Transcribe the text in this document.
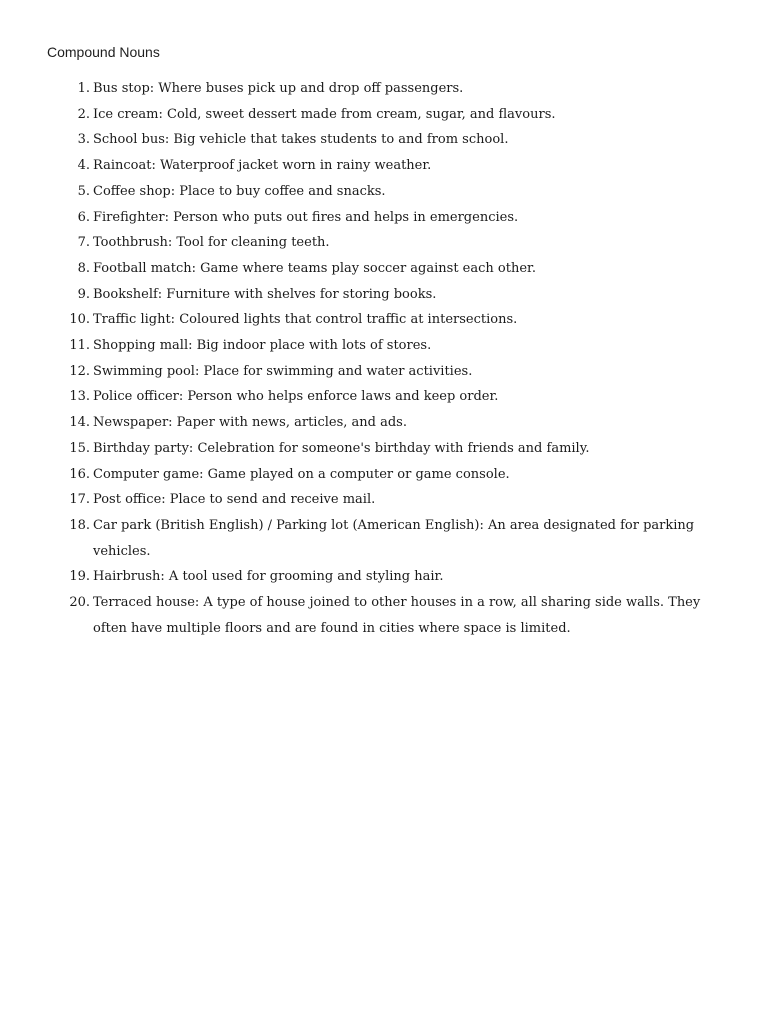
Compound Nouns
1. Bus stop: Where buses pick up and drop off passengers.
2. Ice cream: Cold, sweet dessert made from cream, sugar, and flavours.
3. School bus: Big vehicle that takes students to and from school.
4. Raincoat: Waterproof jacket worn in rainy weather.
5. Coffee shop: Place to buy coffee and snacks.
6. Firefighter: Person who puts out fires and helps in emergencies.
7. Toothbrush: Tool for cleaning teeth.
8. Football match: Game where teams play soccer against each other.
9. Bookshelf: Furniture with shelves for storing books.
10. Traffic light: Coloured lights that control traffic at intersections.
11. Shopping mall: Big indoor place with lots of stores.
12. Swimming pool: Place for swimming and water activities.
13. Police officer: Person who helps enforce laws and keep order.
14. Newspaper: Paper with news, articles, and ads.
15. Birthday party: Celebration for someone's birthday with friends and family.
16. Computer game: Game played on a computer or game console.
17. Post office: Place to send and receive mail.
18. Car park (British English) / Parking lot (American English): An area designated for parking vehicles.
19. Hairbrush: A tool used for grooming and styling hair.
20. Terraced house: A type of house joined to other houses in a row, all sharing side walls. They often have multiple floors and are found in cities where space is limited.
